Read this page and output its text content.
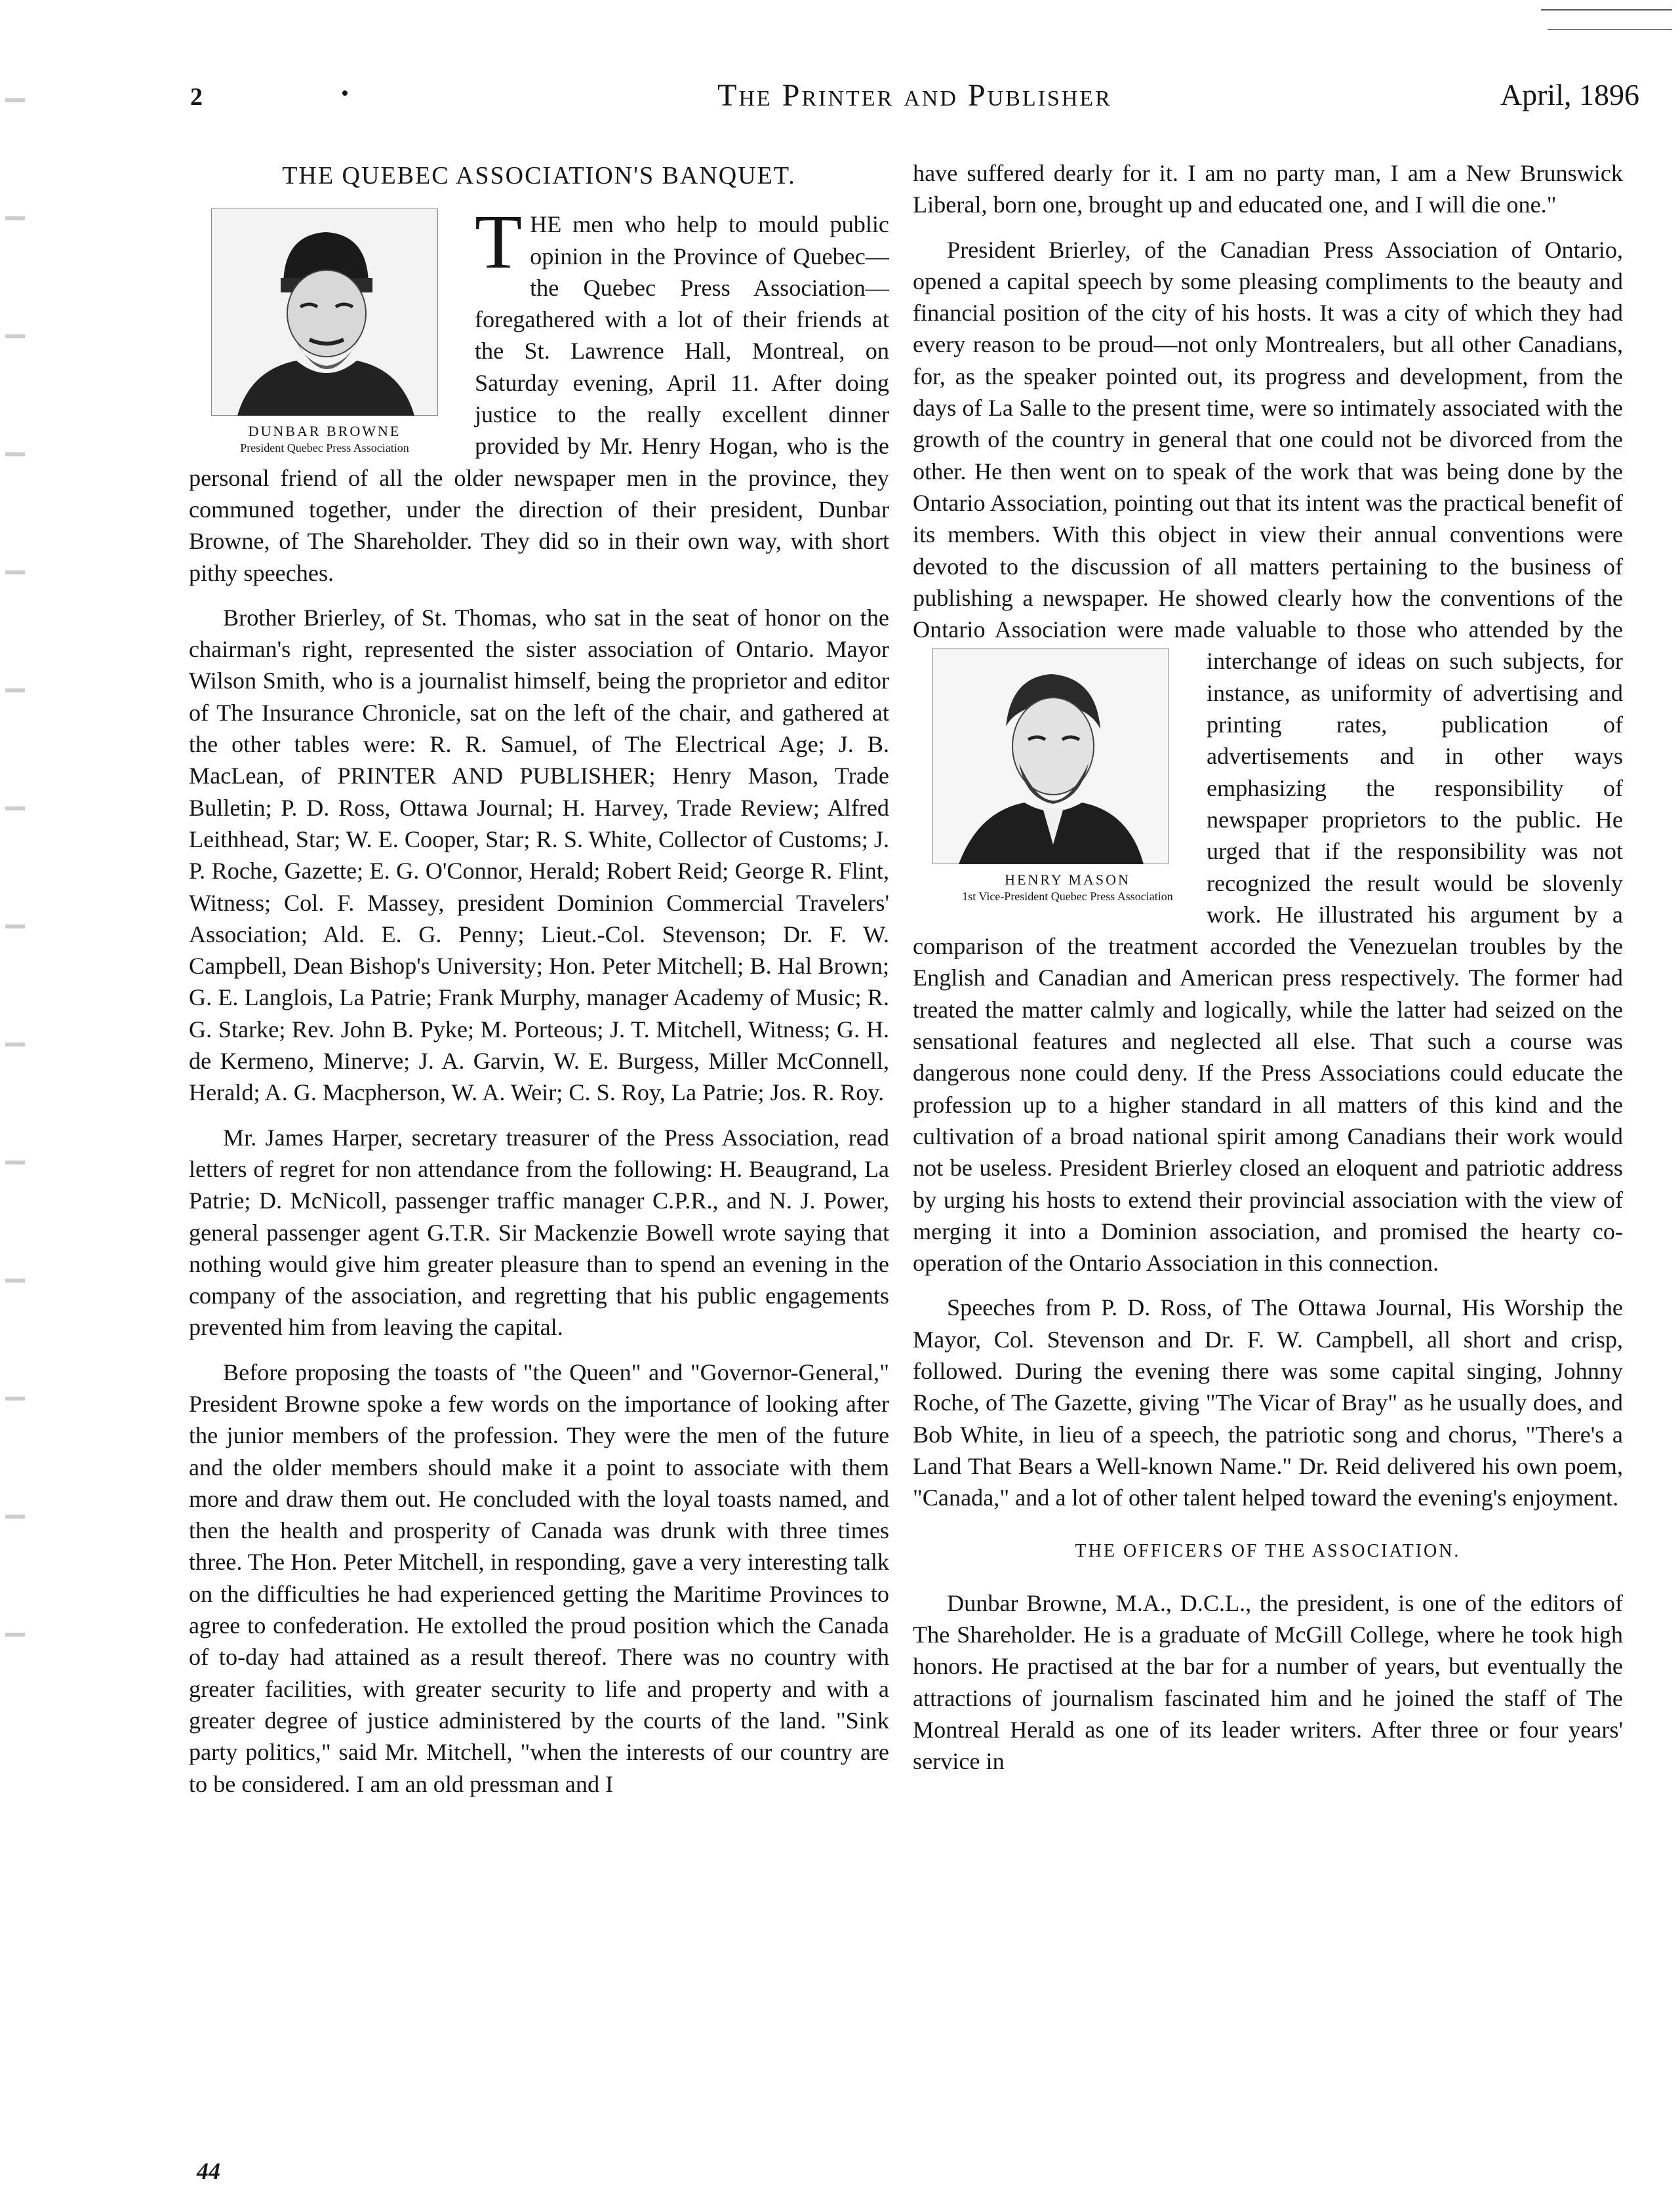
2	•	The Printer and Publisher	April, 1896
THE QUEBEC ASSOCIATION'S BANQUET.
DUNBAR BROWNE
President Quebec Press Association

THE men who help to mould public opinion in the Province of Quebec—the Quebec Press Association—foregathered with a lot of their friends at the St. Lawrence Hall, Montreal, on Saturday evening, April 11. After doing justice to the really excellent dinner provided by Mr. Henry Hogan, who is the personal friend of all the older newspaper men in the province, they communed together, under the direction of their president, Dunbar Browne, of The Shareholder. They did so in their own way, with short pithy speeches.

Brother Brierley, of St. Thomas, who sat in the seat of honor on the chairman's right, represented the sister association of Ontario. Mayor Wilson Smith, who is a journalist himself, being the proprietor and editor of The Insurance Chronicle, sat on the left of the chair, and gathered at the other tables were: R. R. Samuel, of The Electrical Age; J. B. MacLean, of PRINTER AND PUBLISHER; Henry Mason, Trade Bulletin; P. D. Ross, Ottawa Journal; H. Harvey, Trade Review; Alfred Leithhead, Star; W. E. Cooper, Star; R. S. White, Collector of Customs; J. P. Roche, Gazette; E. G. O'Connor, Herald; Robert Reid; George R. Flint, Witness; Col. F. Massey, president Dominion Commercial Travelers' Association; Ald. E. G. Penny; Lieut.-Col. Stevenson; Dr. F. W. Campbell, Dean Bishop's University; Hon. Peter Mitchell; B. Hal Brown; G. E. Langlois, La Patrie; Frank Murphy, manager Academy of Music; R. G. Starke; Rev. John B. Pyke; M. Porteous; J. T. Mitchell, Witness; G. H. de Kermeno, Minerve; J. A. Garvin, W. E. Burgess, Miller McConnell, Herald; A. G. Macpherson, W. A. Weir; C. S. Roy, La Patrie; Jos. R. Roy.

Mr. James Harper, secretary treasurer of the Press Association, read letters of regret for non attendance from the following: H. Beaugrand, La Patrie; D. McNicoll, passenger traffic manager C.P.R., and N. J. Power, general passenger agent G.T.R. Sir Mackenzie Bowell wrote saying that nothing would give him greater pleasure than to spend an evening in the company of the association, and regretting that his public engagements prevented him from leaving the capital.

Before proposing the toasts of "the Queen" and "Governor-General," President Browne spoke a few words on the importance of looking after the junior members of the profession. They were the men of the future and the older members should make it a point to associate with them more and draw them out. He concluded with the loyal toasts named, and then the health and prosperity of Canada was drunk with three times three. The Hon. Peter Mitchell, in responding, gave a very interesting talk on the difficulties he had experienced getting the Maritime Provinces to agree to confederation. He extolled the proud position which the Canada of to-day had attained as a result thereof. There was no country with greater facilities, with greater security to life and property and with a greater degree of justice administered by the courts of the land. "Sink party politics," said Mr. Mitchell, "when the interests of our country are to be considered. I am an old pressman and I

have suffered dearly for it. I am no party man, I am a New Brunswick Liberal, born one, brought up and educated one, and I will die one."

President Brierley, of the Canadian Press Association of Ontario, opened a capital speech by some pleasing compliments to the beauty and financial position of the city of his hosts. It was a city of which they had every reason to be proud—not only Montrealers, but all other Canadians, for, as the speaker pointed out, its progress and development, from the days of La Salle to the present time, were so intimately associated with the growth of the country in general that one could not be divorced from the other. He then went on to speak of the work that was being done by the Ontario Association, pointing out that its intent was the practical benefit of its members. With this object in view their annual conventions were devoted to the discussion of all matters pertaining to the business of publishing a newspaper. He showed clearly how the conventions of the Ontario Association were made valuable to those who attended by the interchange of ideas on such sub
HENRY MASON
1st Vice-President Quebec Press Association
jects, for instance, as uniformity of advertising and printing rates, publication of advertisements and in other ways emphasizing the responsibility of newspaper proprietors to the public. He urged that if the responsibility was not recognized the result would be slovenly work. He illustrated his argument by a comparison of the treatment accorded the Venezuelan troubles by the English and Canadian and American press respectively. The former had treated the matter calmly and logically, while the latter had seized on the sensational features and neglected all else. That such a course was dangerous none could deny. If the Press Associations could educate the profession up to a higher standard in all matters of this kind and the cultivation of a broad national spirit among Canadians their work would not be useless. President Brierley closed an eloquent and patriotic address by urging his hosts to extend their provincial association with the view of merging it into a Dominion association, and promised the hearty co-operation of the Ontario Association in this connection.

Speeches from P. D. Ross, of The Ottawa Journal, His Worship the Mayor, Col. Stevenson and Dr. F. W. Campbell, all short and crisp, followed. During the evening there was some capital singing, Johnny Roche, of The Gazette, giving "The Vicar of Bray" as he usually does, and Bob White, in lieu of a speech, the patriotic song and chorus, "There's a Land That Bears a Well-known Name." Dr. Reid delivered his own poem, "Canada," and a lot of other talent helped toward the evening's enjoyment.

THE OFFICERS OF THE ASSOCIATION.

Dunbar Browne, M.A., D.C.L., the president, is one of the editors of The Shareholder. He is a graduate of McGill College, where he took high honors. He practised at the bar for a number of years, but eventually the attractions of journalism fascinated him and he joined the staff of The Montreal Herald as one of its leader writers. After three or four years' service in

44
